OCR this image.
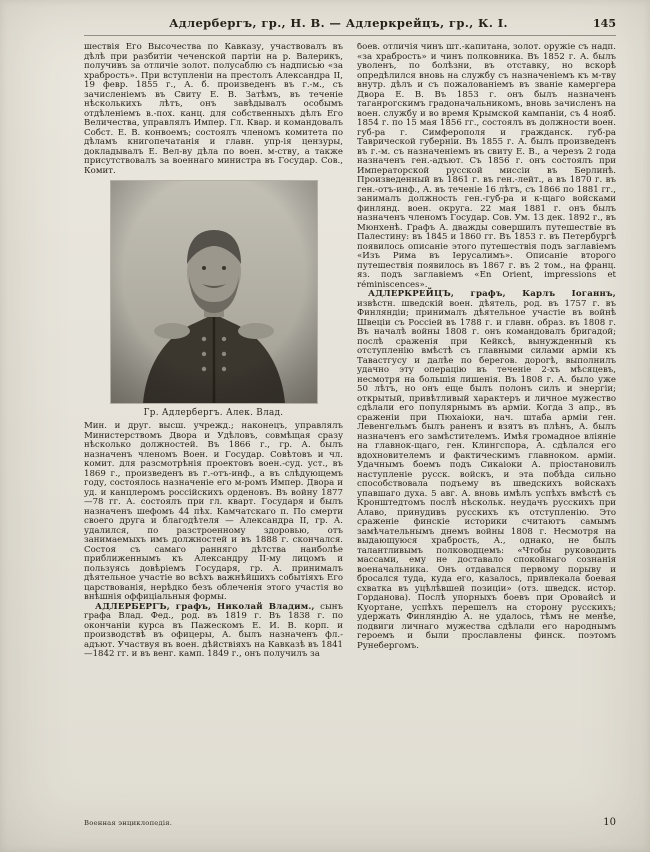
Адлербергъ, гр., Н. В. — Адлеркрейцъ, гр., К. I.	145

шествія Его Высочества по Кавказу, участвовалъ въ дѣлѣ при разбитіи чеченской партіи на р. Валерикъ, получивъ за отличіе золот. полусаблю съ надписью «за храбрость». При вступленіи на престолъ Александра II, 19 февр. 1855 г., А. б. произведенъ въ г.-м., съ зачисленіемъ въ Свиту Е. В. Затѣмъ, въ теченіе нѣсколькихъ лѣтъ, онъ завѣдывалъ особымъ отдѣленіемъ в.-пох. канц. для собственныхъ дѣлъ Его Величества, управлялъ Импер. Гл. Квар. и командовалъ Собст. Е. В. конвоемъ; состоялъ членомъ комитета по дѣламъ книгопечатанія и главн. упр-ія цензуры, докладывалъ Е. Вел-ву дѣла по воен. м-ству, а также присутствовалъ за военнаго министра въ Государ. Сов., Комит.

Гр. Адлербергъ. Алек. Влад.

Мин. и друг. высш. учрежд.; наконецъ, управлялъ Министерствомъ Двора и Удѣловъ, совмѣщая сразу нѣсколько должностей. Въ 1866 г., гр. А. былъ назначенъ членомъ Воен. и Государ. Совѣтовъ и чл. комит. для разсмотрѣнія проектовъ воен.-суд. уст., въ 1869 г., произведенъ въ г.-отъ-инф., а въ слѣдующемъ году, состоялось назначеніе его м-ромъ Импер. Двора и уд. и канцлеромъ россійскихъ орденовъ. Въ войну 1877—78 гг. А. состоялъ при гл. кварт. Государя и былъ назначенъ шефомъ 44 пѣх. Камчатскаго п. По смерти своего друга и благодѣтеля — Александра II, гр. А. удалился, по разстроенному здоровью, отъ занимаемыхъ имъ должностей и въ 1888 г. скончался. Состоя съ самаго ранняго дѣтства наиболѣе приближеннымъ къ Александру II-му лицомъ и пользуясь довѣріемъ Государя, гр. А. принималъ дѣятельное участіе во всѣхъ важнѣйшихъ событіяхъ Его царствованія, нерѣдко безъ облеченія этого участія во внѣшнія оффиціальныя формы.

АДЛЕРБЕРГЪ, графъ, Николай Владим., сынъ графа Влад. Фед., род. въ 1819 г. Въ 1838 г. по окончаніи курса въ Пажескомъ Е. И. В. корп. и производствѣ въ офицеры, А. былъ назначенъ фл.-адъют. Участвуя въ воен. дѣйствіяхъ на Кавказѣ въ 1841—1842 гг. и въ венг. камп. 1849 г., онъ получилъ за

боев. отличія чинъ шт.-капитана, золот. оружіе съ надп. «за храбрость» и чинъ полковника. Въ 1852 г. А. былъ уволенъ, по болѣзни, въ отставку, но вскорѣ опредѣлился вновь на службу съ назначеніемъ къ м-тву внутр. дѣлъ и съ пожалованіемъ въ званіе камергера Двора Е. В. Въ 1853 г. онъ былъ назначенъ таганрогскимъ градоначальникомъ, вновь зачисленъ на воен. службу и во время Крымской кампаніи, съ 4 нояб. 1854 г. по 15 мая 1856 гг., состоялъ въ должности воен. губ-ра г. Симферополя и гражданск. губ-ра Таврической губерніи. Въ 1855 г. А. былъ произведенъ въ г.-м. съ назначеніемъ въ свиту Е. В., а черезъ 2 года назначенъ ген.-адъют. Съ 1856 г. онъ состоялъ при Императорской русской миссіи въ Берлинѣ. Произведенный въ 1861 г. въ ген.-лейт., а въ 1870 г. въ ген.-отъ-инф., А. въ теченіе 16 лѣтъ, съ 1866 по 1881 гг., занималъ должность ген.-губ-ра и к-щаго войсками финлянд. воен. округа. 22 мая 1881 г. онъ былъ назначенъ членомъ Государ. Сов. Ум. 13 дек. 1892 г., въ Мюнхенѣ. Графъ А. дважды совершилъ путешествіе въ Палестину: въ 1845 и 1860 гг. Въ 1853 г. въ Петербургѣ появилось описаніе этого путешествія подъ заглавіемъ «Изъ Рима въ Іерусалимъ». Описаніе второго путешествія появилось въ 1867 г. въ 2 том., на франц. яз. подъ заглавіемъ «En Orient, impressions et réminiscences».

АДЛЕРКРЕЙЦЪ, графъ, Карлъ Іоганнъ, извѣстн. шведскій воен. дѣятель, род. въ 1757 г. въ Финляндіи; принималъ дѣятельное участіе въ войнѣ Швеціи съ Россіей въ 1788 г. и главн. образ. въ 1808 г. Въ началѣ войны 1808 г. онъ командовалъ бригадой; послѣ сраженія при Кейксѣ, вынужденный къ отступленію вмѣстѣ съ главными силами арміи къ Тавастгусу и далѣе по берегов. дорогѣ, выполнилъ удачно эту операцію въ теченіе 2-хъ мѣсяцевъ, несмотря на большія лишенія. Въ 1808 г. А. было уже 50 лѣтъ, но онъ еще былъ полонъ силъ и энергіи; открытый, привѣтливый характеръ и личное мужество сдѣлали его популярнымъ въ арміи. Когда 3 апр., въ сраженіи при Пюхаіоки, нач. штаба арміи ген. Левенгельмъ былъ раненъ и взятъ въ плѣнъ, А. былъ назначенъ его замѣстителемъ. Имѣя громадное вліяніе на главнок-щаго, ген. Клингспора, А. сдѣлался его вдохновителемъ и фактическимъ главноком. арміи. Удачнымъ боемъ подъ Сикаіоки А. пріостановилъ наступленіе русск. войскъ, и эта побѣда сильно способствовала подъему въ шведскихъ войскахъ упавшаго духа. 5 авг. А. вновь имѣлъ успѣхъ вмѣстѣ съ Кронштедтомъ послѣ нѣскольк. неудачъ русскихъ при Алаво, принудивъ русскихъ къ отступленію. Это сраженіе финскіе историки считаютъ самымъ замѣчательнымъ днемъ войны 1808 г. Несмотря на выдающуюся храбрость, А., однако, не былъ талантливымъ полководцемъ: «Чтобы руководить массами, ему не доставало спокойнаго сознанія военачальника. Онъ отдавался первому порыву и бросался туда, куда его, казалось, привлекала боевая схватка въ уцѣлѣвшей позиціи» (отз. шведск. истор. Горданова). Послѣ упорныхъ боевъ при Оровайсѣ и Куортане, успѣхъ перешелъ на сторону русскихъ; удержать Финляндію А. не удалось, тѣмъ не менѣе, подвиги личнаго мужества сдѣлали его народнымъ героемъ и были прославлены финск. поэтомъ Рунебергомъ.

Военная энциклопедія.	10
